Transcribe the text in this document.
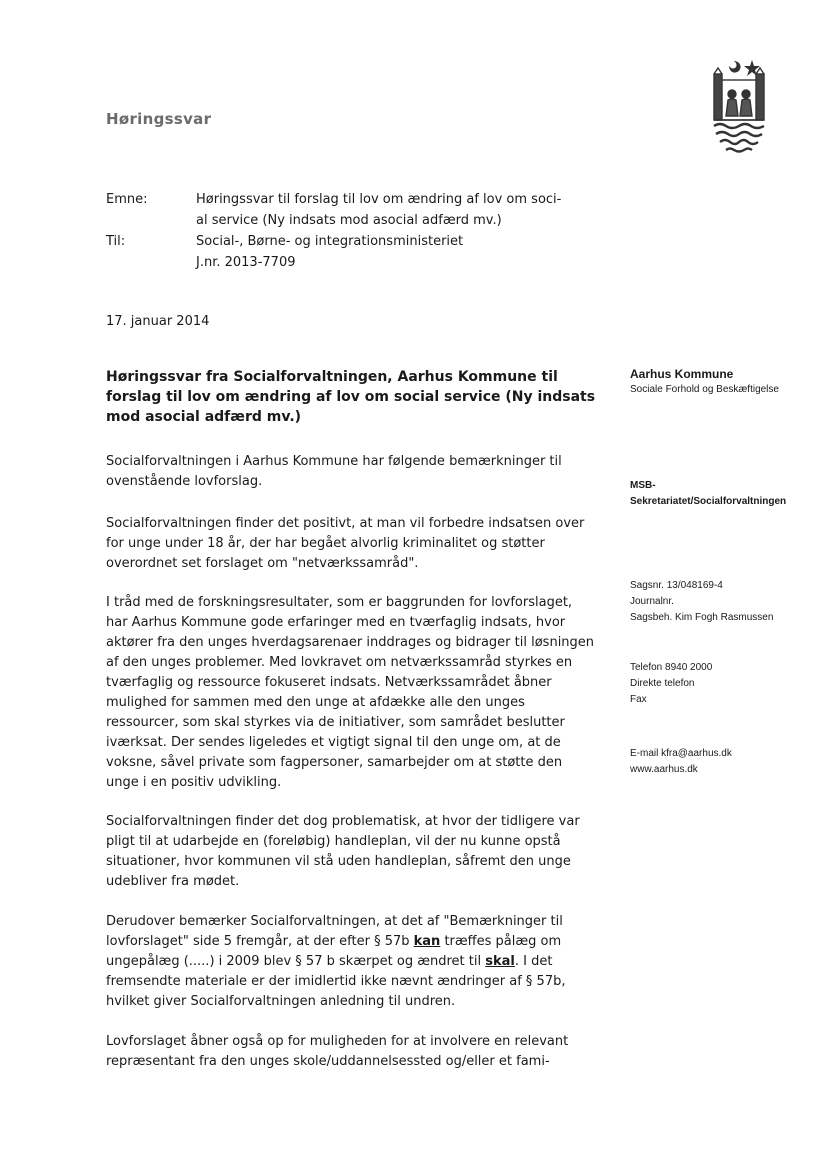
Høringssvar
Emne:	Høringssvar til forslag til lov om ændring af lov om soci-
al service (Ny indsats mod asocial adfærd mv.)
Til:	Social-, Børne- og integrationsministeriet
J.nr. 2013-7709
17. januar 2014
Høringssvar fra Socialforvaltningen, Aarhus Kommune til forslag til lov om ændring af lov om social service (Ny indsats mod asocial adfærd mv.)

Socialforvaltningen i Aarhus Kommune har følgende bemærkninger til ovenstående lovforslag.

Socialforvaltningen finder det positivt, at man vil forbedre indsatsen over for unge under 18 år, der har begået alvorlig kriminalitet og støtter overordnet set forslaget om "netværkssamråd".

I tråd med de forskningsresultater, som er baggrunden for lovforslaget, har Aarhus Kommune gode erfaringer med en tværfaglig indsats, hvor aktører fra den unges hverdagsarenaer inddrages og bidrager til løsningen af den unges problemer. Med lovkravet om netværkssamråd styrkes en tværfaglig og ressource fokuseret indsats. Netværkssamrådet åbner mulighed for sammen med den unge at afdække alle den unges ressourcer, som skal styrkes via de initiativer, som samrådet beslutter iværksat. Der sendes ligeledes et vigtigt signal til den unge om, at de voksne, såvel private som fagpersoner, samarbejder om at støtte den unge i en positiv udvikling.

Socialforvaltningen finder det dog problematisk, at hvor der tidligere var pligt til at udarbejde en (foreløbig) handleplan, vil der nu kunne opstå situationer, hvor kommunen vil stå uden handleplan, såfremt den unge udebliver fra mødet.

Derudover bemærker Socialforvaltningen, at det af "Bemærkninger til lovforslaget" side 5 fremgår, at der efter § 57b kan træffes pålæg om ungepålæg (.....) i 2009 blev § 57 b skærpet og ændret til skal. I det fremsendte materiale er der imidlertid ikke nævnt ændringer af § 57b, hvilket giver Socialforvaltningen anledning til undren.

Lovforslaget åbner også op for muligheden for at involvere en relevant repræsentant fra den unges skole/uddannelsessted og/eller et fami-

Aarhus Kommune
Sociale Forhold og Beskæftigelse
MSB-
Sekretariatet/Socialforvaltningen
Sagsnr. 13/048169-4
Journalnr.
Sagsbeh. Kim Fogh Rasmussen
Telefon 8940 2000
Direkte telefon
Fax
E-mail kfra@aarhus.dk
www.aarhus.dk
